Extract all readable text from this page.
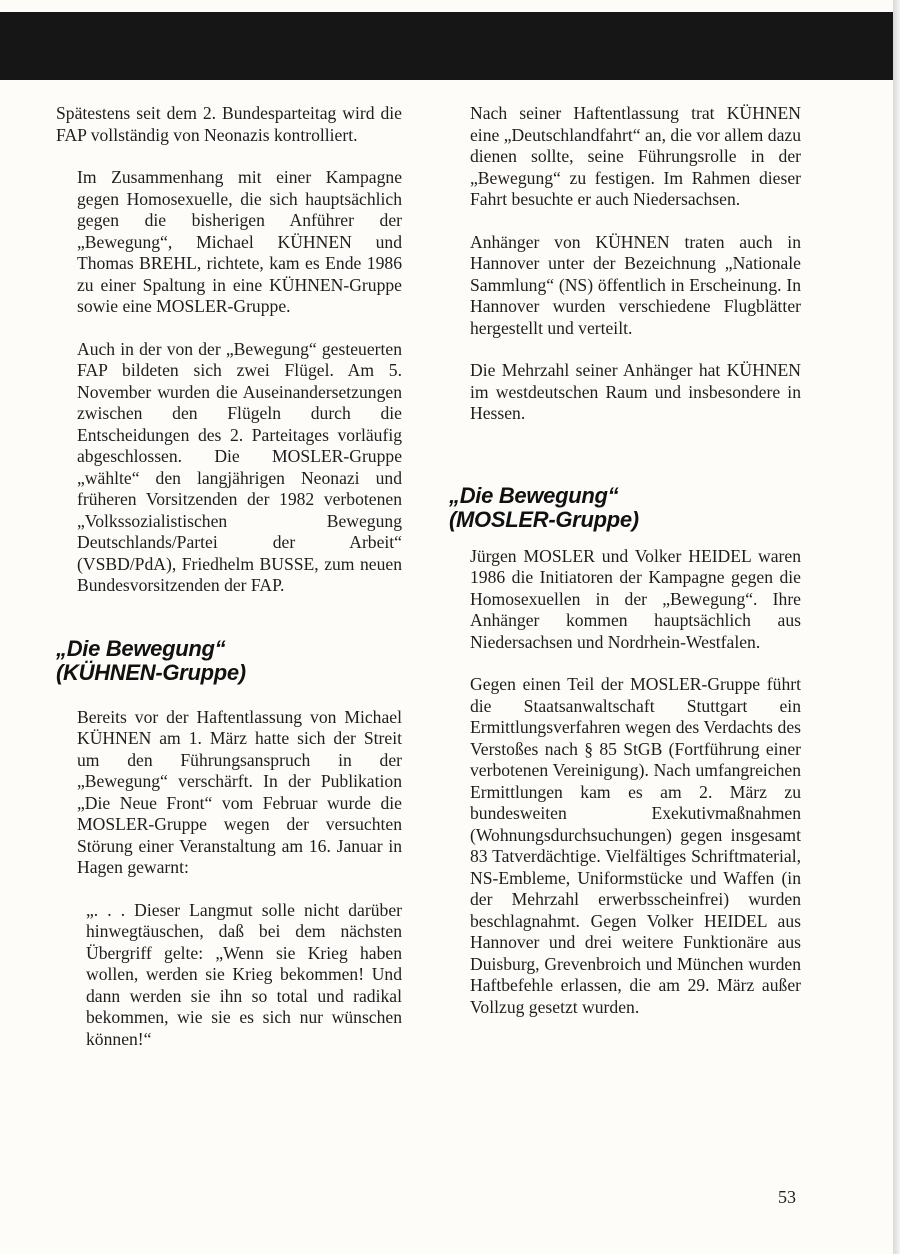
Spätestens seit dem 2. Bundesparteitag wird die FAP vollständig von Neonazis kontrolliert.

Im Zusammenhang mit einer Kampagne gegen Homosexuelle, die sich hauptsächlich gegen die bisherigen Anführer der „Bewegung“, Michael KÜHNEN und Thomas BREHL, richtete, kam es Ende 1986 zu einer Spaltung in eine KÜHNEN-Gruppe sowie eine MOSLER-Gruppe.

Auch in der von der „Bewegung“ gesteuerten FAP bildeten sich zwei Flügel. Am 5. November wurden die Auseinandersetzungen zwischen den Flügeln durch die Entscheidungen des 2. Parteitages vorläufig abgeschlossen. Die MOSLER-Gruppe „wählte“ den langjährigen Neonazi und früheren Vorsitzenden der 1982 verbotenen „Volkssozialistischen Bewegung Deutschlands/Partei der Arbeit“ (VSBD/PdA), Friedhelm BUSSE, zum neuen Bundesvorsitzenden der FAP.

„Die Bewegung“
(KÜHNEN-Gruppe)

Bereits vor der Haftentlassung von Michael KÜHNEN am 1. März hatte sich der Streit um den Führungsanspruch in der „Bewegung“ verschärft. In der Publikation „Die Neue Front“ vom Februar wurde die MOSLER-Gruppe wegen der versuchten Störung einer Veranstaltung am 16. Januar in Hagen gewarnt:

„. . . Dieser Langmut solle nicht darüber hinwegtäuschen, daß bei dem nächsten Übergriff gelte: „Wenn sie Krieg haben wollen, werden sie Krieg bekommen! Und dann werden sie ihn so total und radikal bekommen, wie sie es sich nur wünschen können!“

Nach seiner Haftentlassung trat KÜHNEN eine „Deutschlandfahrt“ an, die vor allem dazu dienen sollte, seine Führungsrolle in der „Bewegung“ zu festigen. Im Rahmen dieser Fahrt besuchte er auch Niedersachsen.

Anhänger von KÜHNEN traten auch in Hannover unter der Bezeichnung „Nationale Sammlung“ (NS) öffentlich in Erscheinung. In Hannover wurden verschiedene Flugblätter hergestellt und verteilt.

Die Mehrzahl seiner Anhänger hat KÜHNEN im westdeutschen Raum und insbesondere in Hessen.

„Die Bewegung“
(MOSLER-Gruppe)

Jürgen MOSLER und Volker HEIDEL waren 1986 die Initiatoren der Kampagne gegen die Homosexuellen in der „Bewegung“. Ihre Anhänger kommen hauptsächlich aus Niedersachsen und Nordrhein-Westfalen.

Gegen einen Teil der MOSLER-Gruppe führt die Staatsanwaltschaft Stuttgart ein Ermittlungsverfahren wegen des Verdachts des Verstoßes nach § 85 StGB (Fortführung einer verbotenen Vereinigung). Nach umfangreichen Ermittlungen kam es am 2. März zu bundesweiten Exekutivmaßnahmen (Wohnungsdurchsuchungen) gegen insgesamt 83 Tatverdächtige. Vielfältiges Schriftmaterial, NS-Embleme, Uniformstücke und Waffen (in der Mehrzahl erwerbsscheinfrei) wurden beschlagnahmt. Gegen Volker HEIDEL aus Hannover und drei weitere Funktionäre aus Duisburg, Grevenbroich und München wurden Haftbefehle erlassen, die am 29. März außer Vollzug gesetzt wurden.

53
